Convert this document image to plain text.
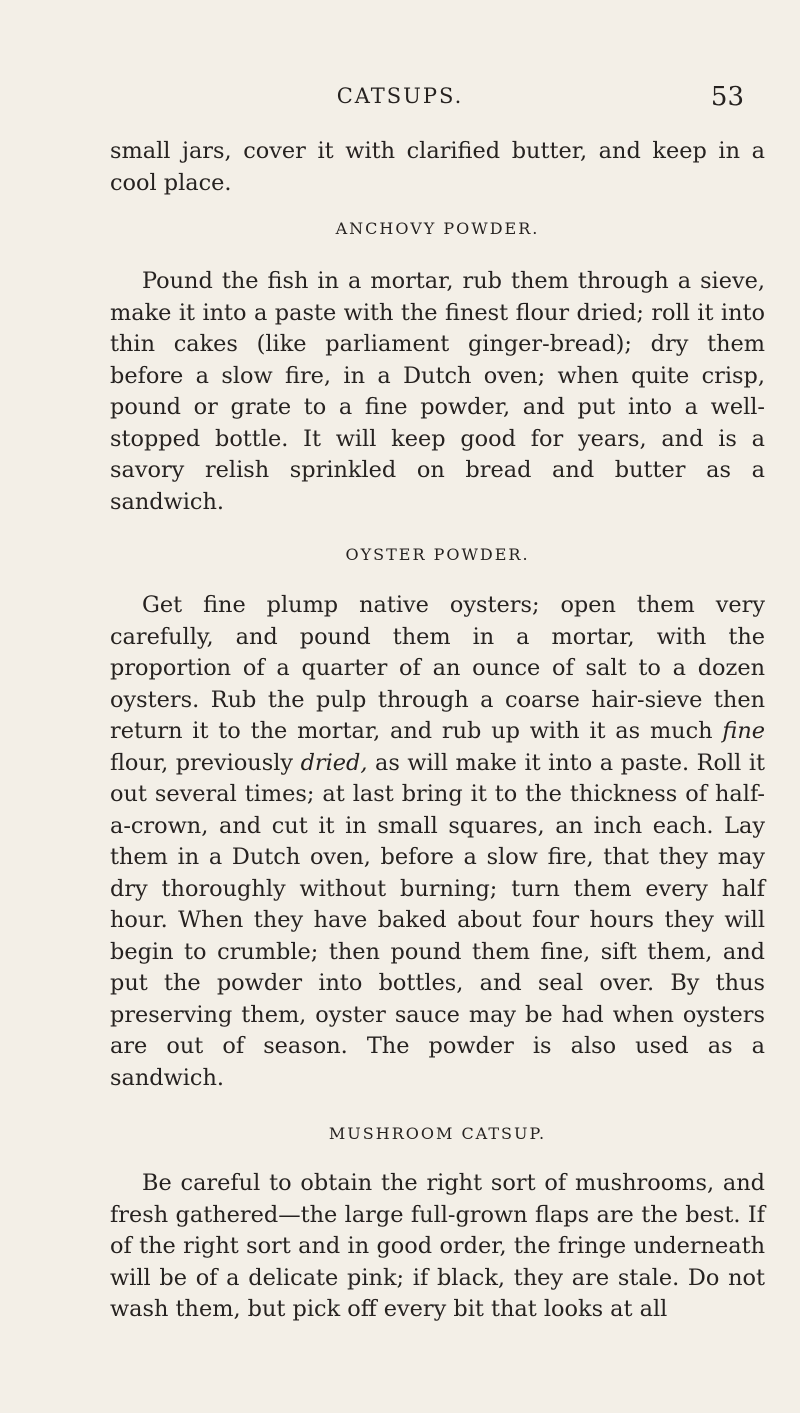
CATSUPS.	53

small jars, cover it with clarified butter, and keep in a cool place.

ANCHOVY POWDER.

Pound the fish in a mortar, rub them through a sieve, make it into a paste with the finest flour dried; roll it into thin cakes (like parliament ginger-bread); dry them before a slow fire, in a Dutch oven; when quite crisp, pound or grate to a fine powder, and put into a well-stopped bottle. It will keep good for years, and is a savory relish sprinkled on bread and butter as a sandwich.

OYSTER POWDER.

Get fine plump native oysters; open them very carefully, and pound them in a mortar, with the proportion of a quarter of an ounce of salt to a dozen oysters. Rub the pulp through a coarse hair-sieve then return it to the mortar, and rub up with it as much fine flour, previously dried, as will make it into a paste. Roll it out several times; at last bring it to the thickness of half-a-crown, and cut it in small squares, an inch each. Lay them in a Dutch oven, before a slow fire, that they may dry thoroughly without burning; turn them every half hour. When they have baked about four hours they will begin to crumble; then pound them fine, sift them, and put the powder into bottles, and seal over. By thus preserving them, oyster sauce may be had when oysters are out of season. The powder is also used as a sandwich.

MUSHROOM CATSUP.

Be careful to obtain the right sort of mushrooms, and fresh gathered—the large full-grown flaps are the best. If of the right sort and in good order, the fringe underneath will be of a delicate pink; if black, they are stale. Do not wash them, but pick off every bit that looks at all
